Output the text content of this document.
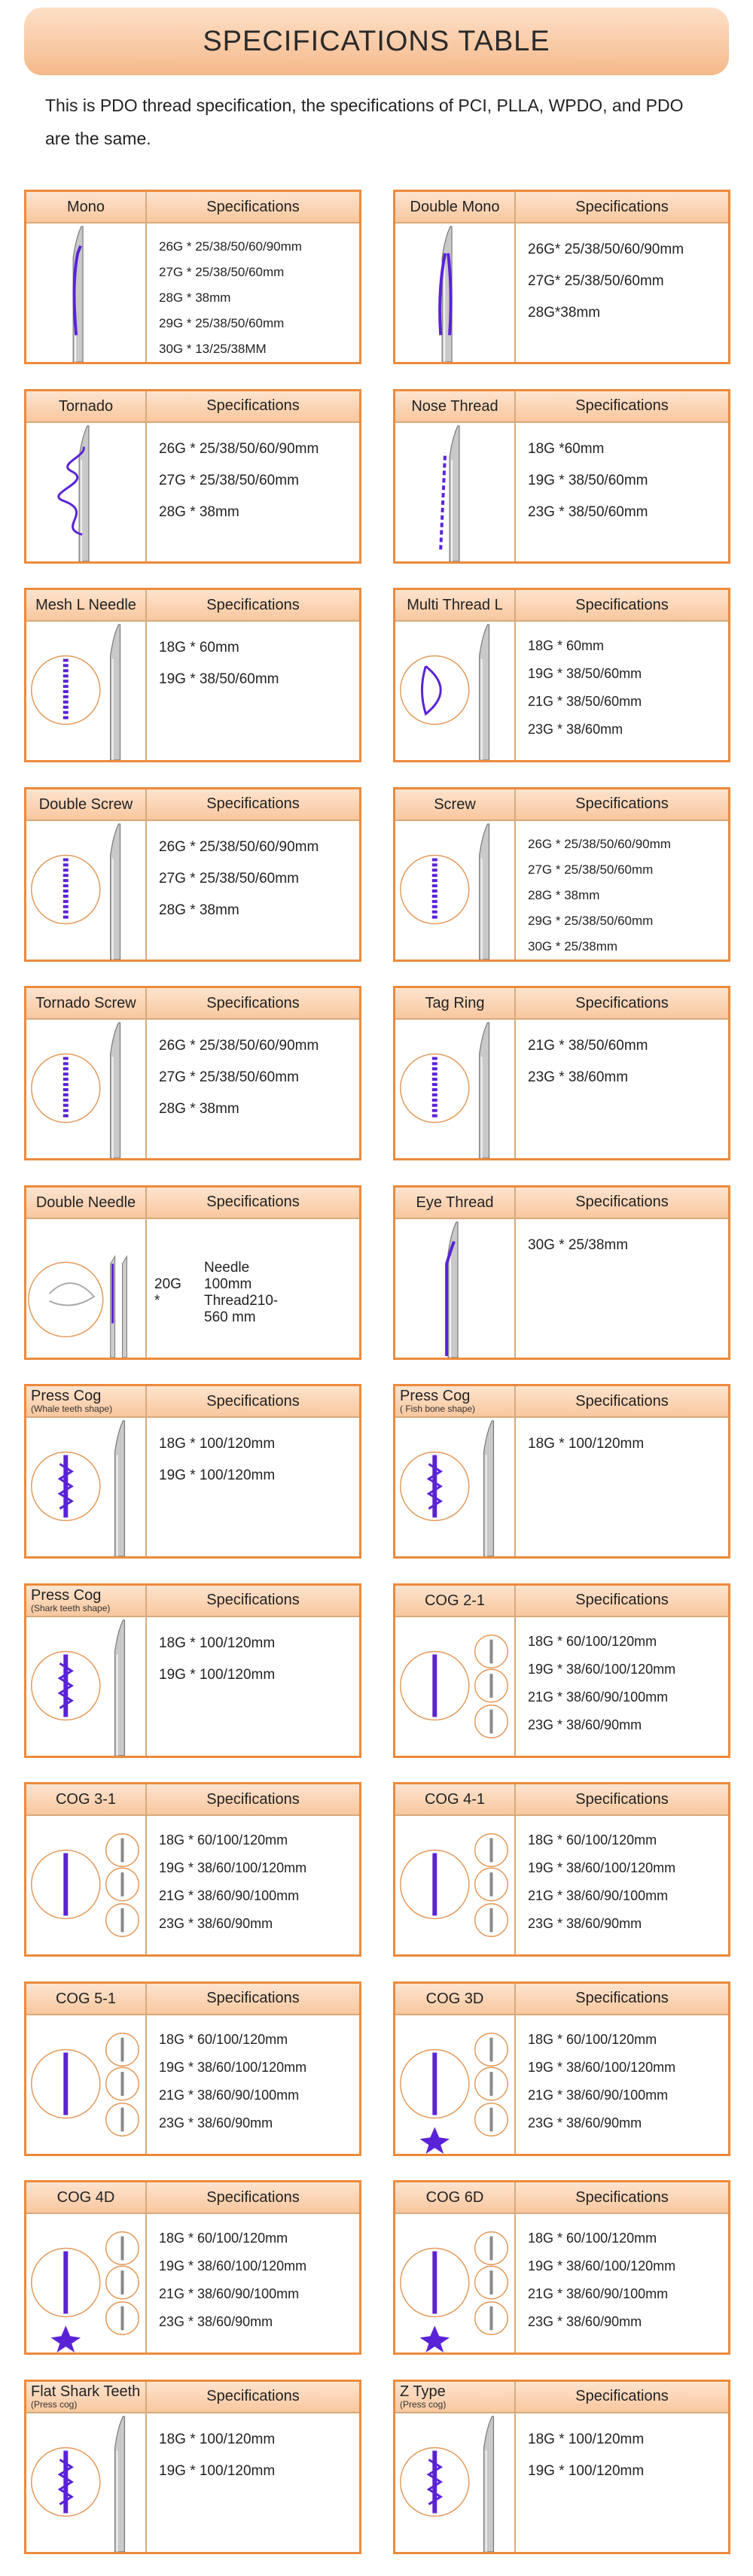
SPECIFICATIONS TABLE
This is PDO thread specification, the specifications of PCI, PLLA, WPDO, and PDO are the same.
Mono	Specifications
26G * 25/38/50/60/90mm
27G * 25/38/50/60mm
28G * 38mm
29G * 25/38/50/60mm
30G * 13/25/38MM
Double Mono	Specifications
26G* 25/38/50/60/90mm
27G* 25/38/50/60mm
28G*38mm
Tornado	Specifications
26G * 25/38/50/60/90mm
27G * 25/38/50/60mm
28G * 38mm
Nose Thread	Specifications
18G *60mm
19G * 38/50/60mm
23G * 38/50/60mm
Mesh L Needle	Specifications
18G * 60mm
19G * 38/50/60mm
Multi Thread L	Specifications
18G * 60mm
19G * 38/50/60mm
21G * 38/50/60mm
23G * 38/60mm
Double Screw	Specifications
26G * 25/38/50/60/90mm
27G * 25/38/50/60mm
28G * 38mm
Screw	Specifications
26G * 25/38/50/60/90mm
27G * 25/38/50/60mm
28G * 38mm
29G * 25/38/50/60mm
30G * 25/38mm
Tornado Screw	Specifications
26G * 25/38/50/60/90mm
27G * 25/38/50/60mm
28G * 38mm
Tag Ring	Specifications
21G * 38/50/60mm
23G * 38/60mm
Double Needle	Specifications
20G *
Needle 100mm
Thread210-560 mm
Eye Thread	Specifications
30G * 25/38mm
Press Cog
(Whale teeth shape)	Specifications
18G * 100/120mm
19G * 100/120mm
Press Cog
( Fish bone shape)	Specifications
18G * 100/120mm
Press Cog
(Shark teeth shape)	Specifications
18G * 100/120mm
19G * 100/120mm
COG 2-1	Specifications
18G * 60/100/120mm
19G * 38/60/100/120mm
21G * 38/60/90/100mm
23G * 38/60/90mm
COG 3-1	Specifications
18G * 60/100/120mm
19G * 38/60/100/120mm
21G * 38/60/90/100mm
23G * 38/60/90mm
COG 4-1	Specifications
18G * 60/100/120mm
19G * 38/60/100/120mm
21G * 38/60/90/100mm
23G * 38/60/90mm
COG 5-1	Specifications
18G * 60/100/120mm
19G * 38/60/100/120mm
21G * 38/60/90/100mm
23G * 38/60/90mm
COG 3D	Specifications
18G * 60/100/120mm
19G * 38/60/100/120mm
21G * 38/60/90/100mm
23G * 38/60/90mm
COG 4D	Specifications
18G * 60/100/120mm
19G * 38/60/100/120mm
21G * 38/60/90/100mm
23G * 38/60/90mm
COG 6D	Specifications
18G * 60/100/120mm
19G * 38/60/100/120mm
21G * 38/60/90/100mm
23G * 38/60/90mm
Flat Shark Teeth
(Press cog)	Specifications
18G * 100/120mm
19G * 100/120mm
Z Type
(Press cog)	Specifications
18G * 100/120mm
19G * 100/120mm
